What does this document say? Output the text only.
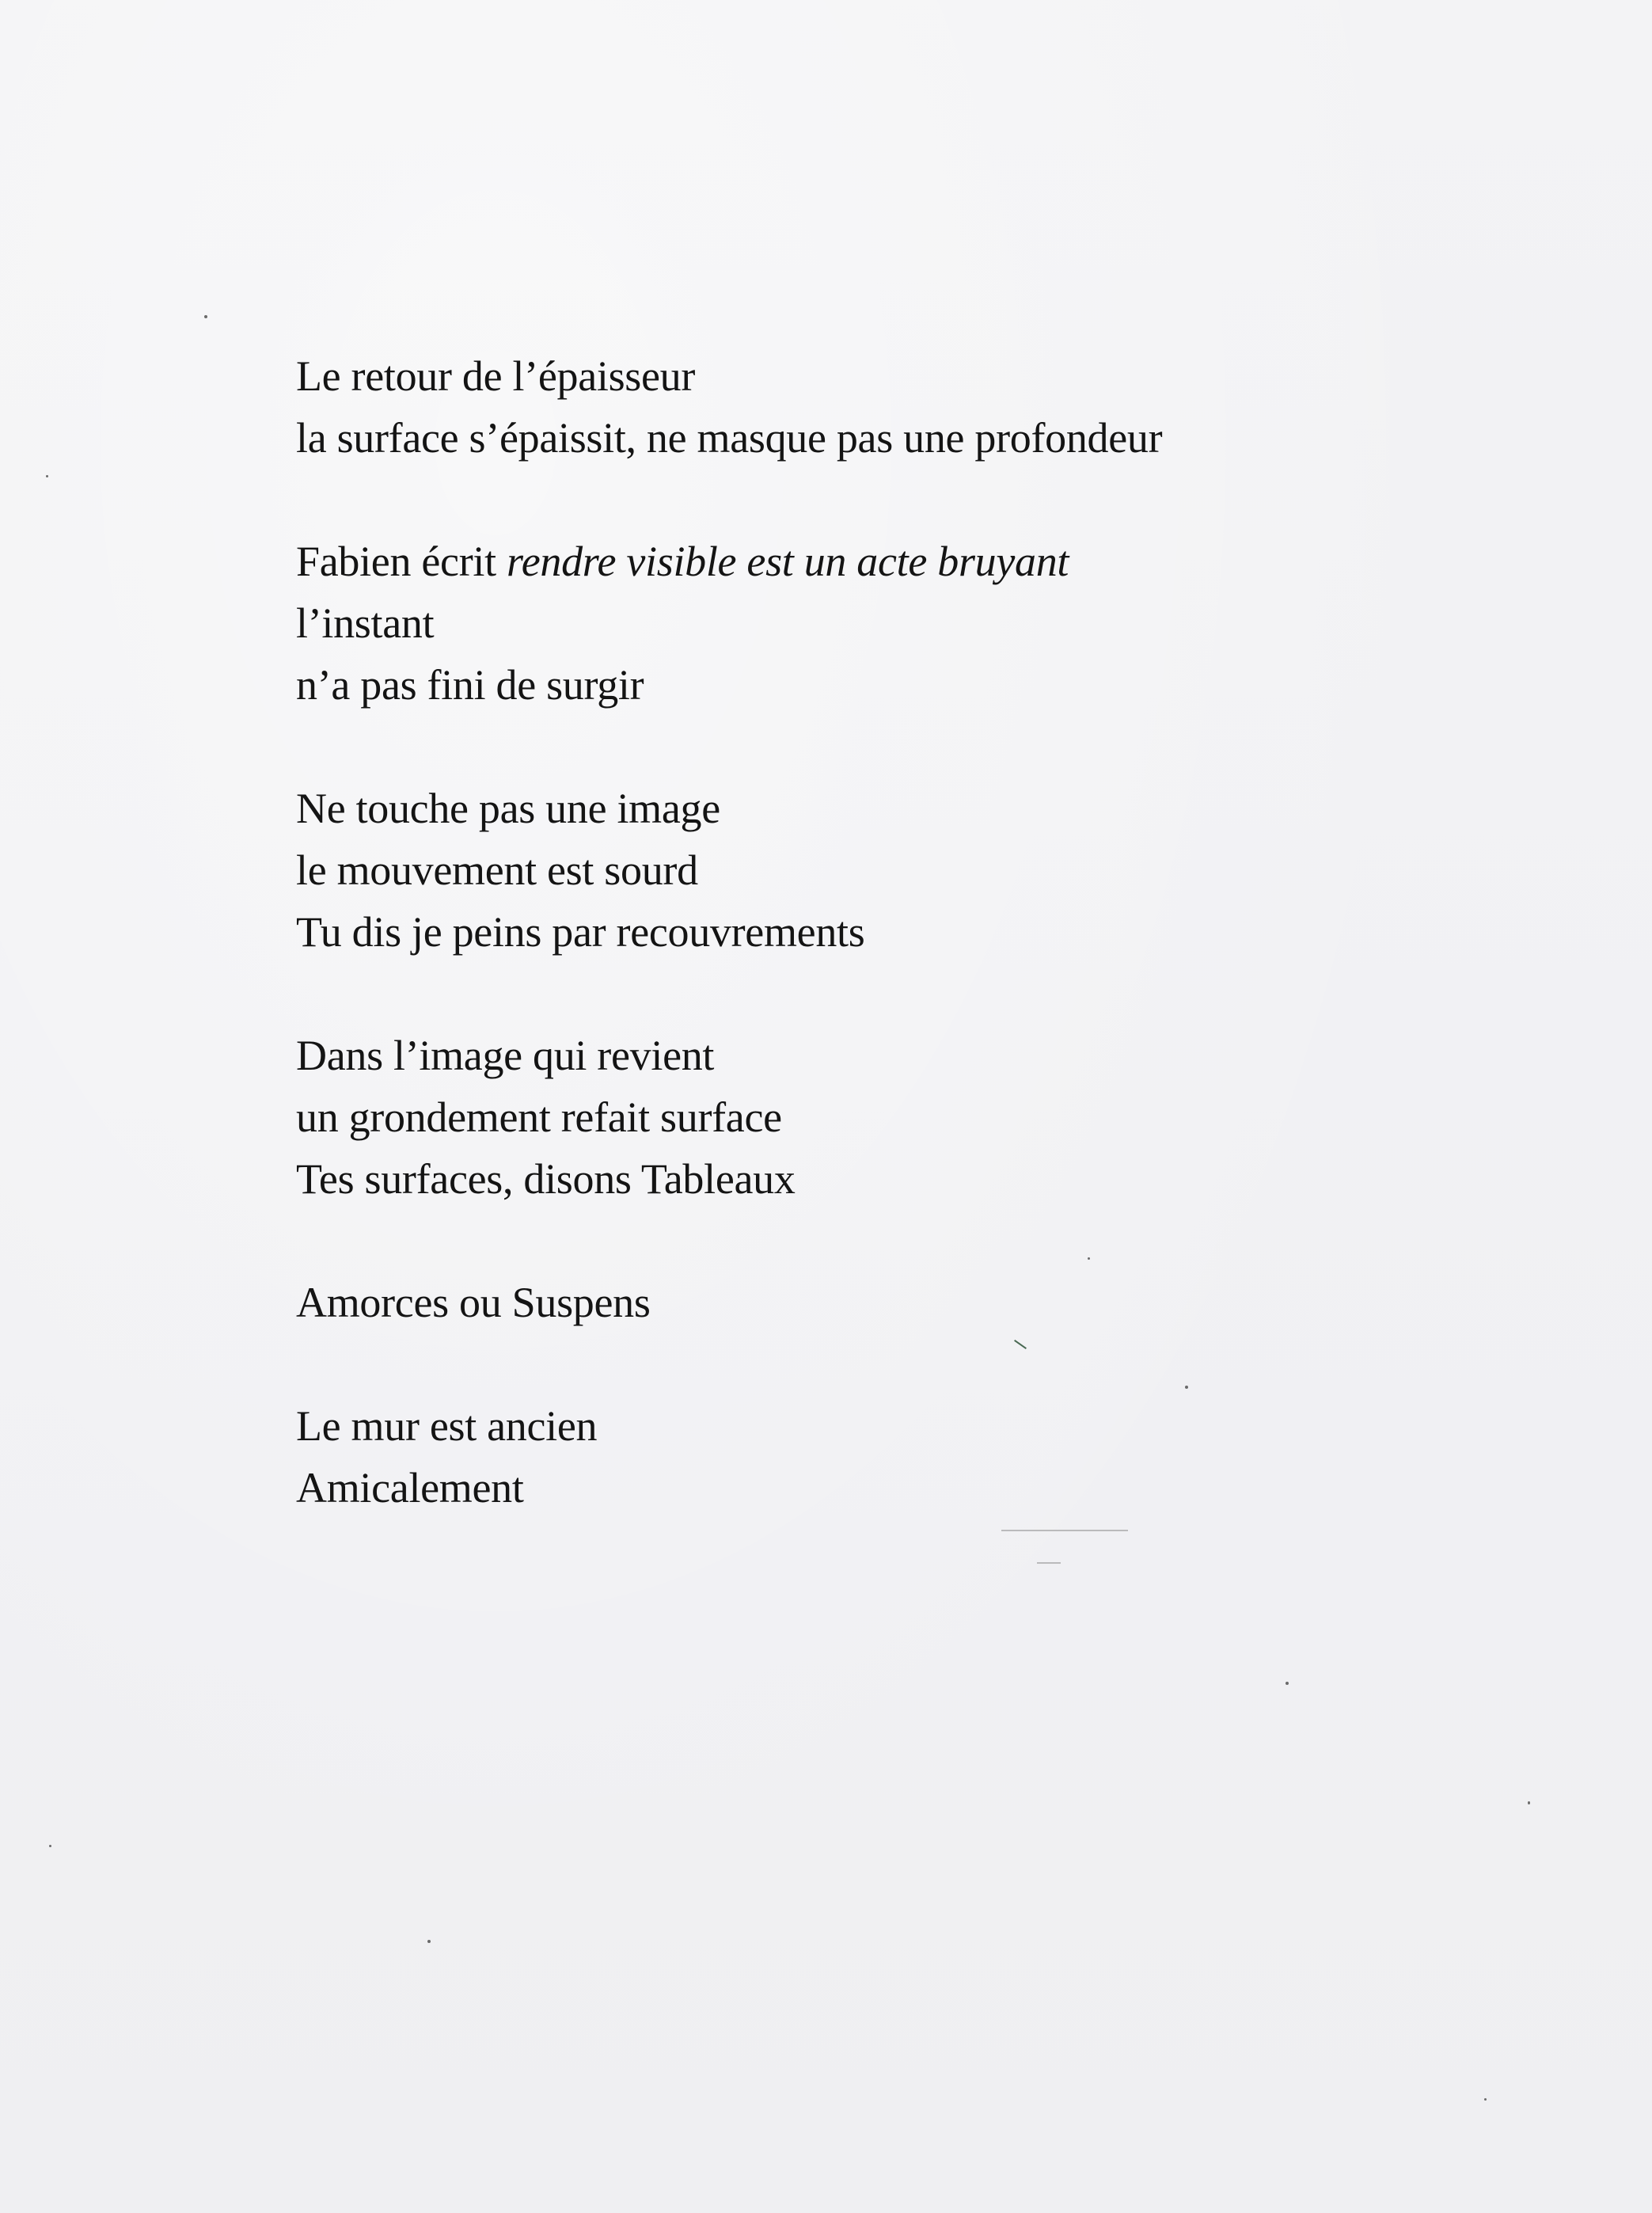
Le retour de l’épaisseur
la surface s’épaissit, ne masque pas une profondeur
Fabien écrit rendre visible est un acte bruyant
l’instant
n’a pas fini de surgir
Ne touche pas une image
le mouvement est sourd
Tu dis je peins par recouvrements
Dans l’image qui revient
un grondement refait surface
Tes surfaces, disons Tableaux
Amorces ou Suspens
Le mur est ancien
Amicalement
